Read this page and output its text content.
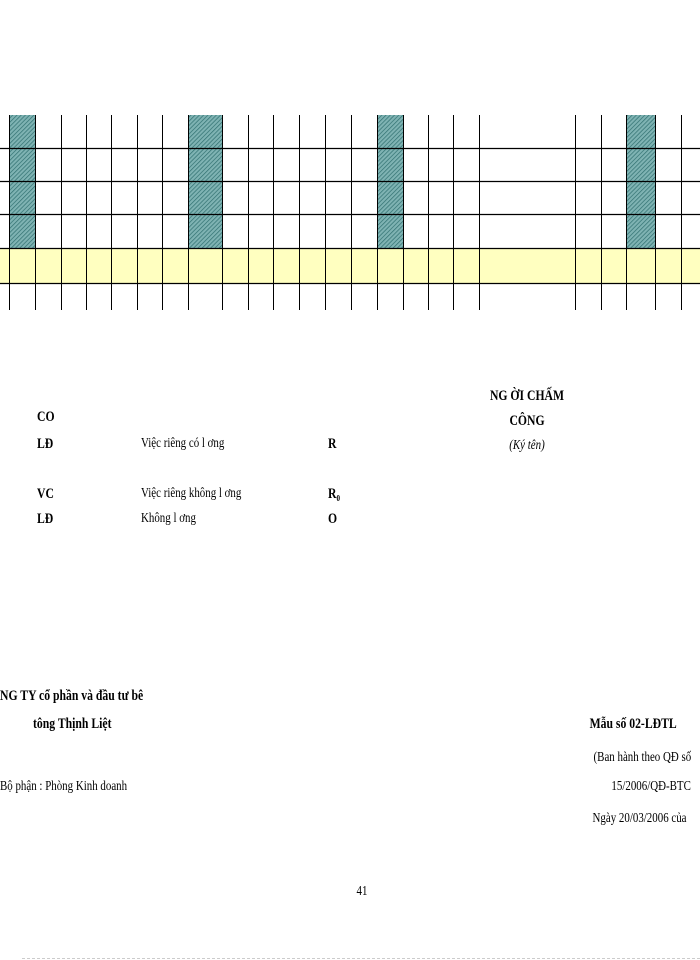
CO
LĐ	Việc riêng có l ơng	R
VC	Việc riêng không l ơng	R₀
LĐ	Không l ơng	O
NG ỜI CHẤM
CÔNG
(Ký tên)
NG TY cổ phần và đầu tư bê
tông Thịnh Liệt
Bộ phận : Phòng Kinh doanh
Mẫu số 02-LĐTL
(Ban hành theo QĐ số
15/2006/QĐ-BTC
Ngày 20/03/2006 của
41
